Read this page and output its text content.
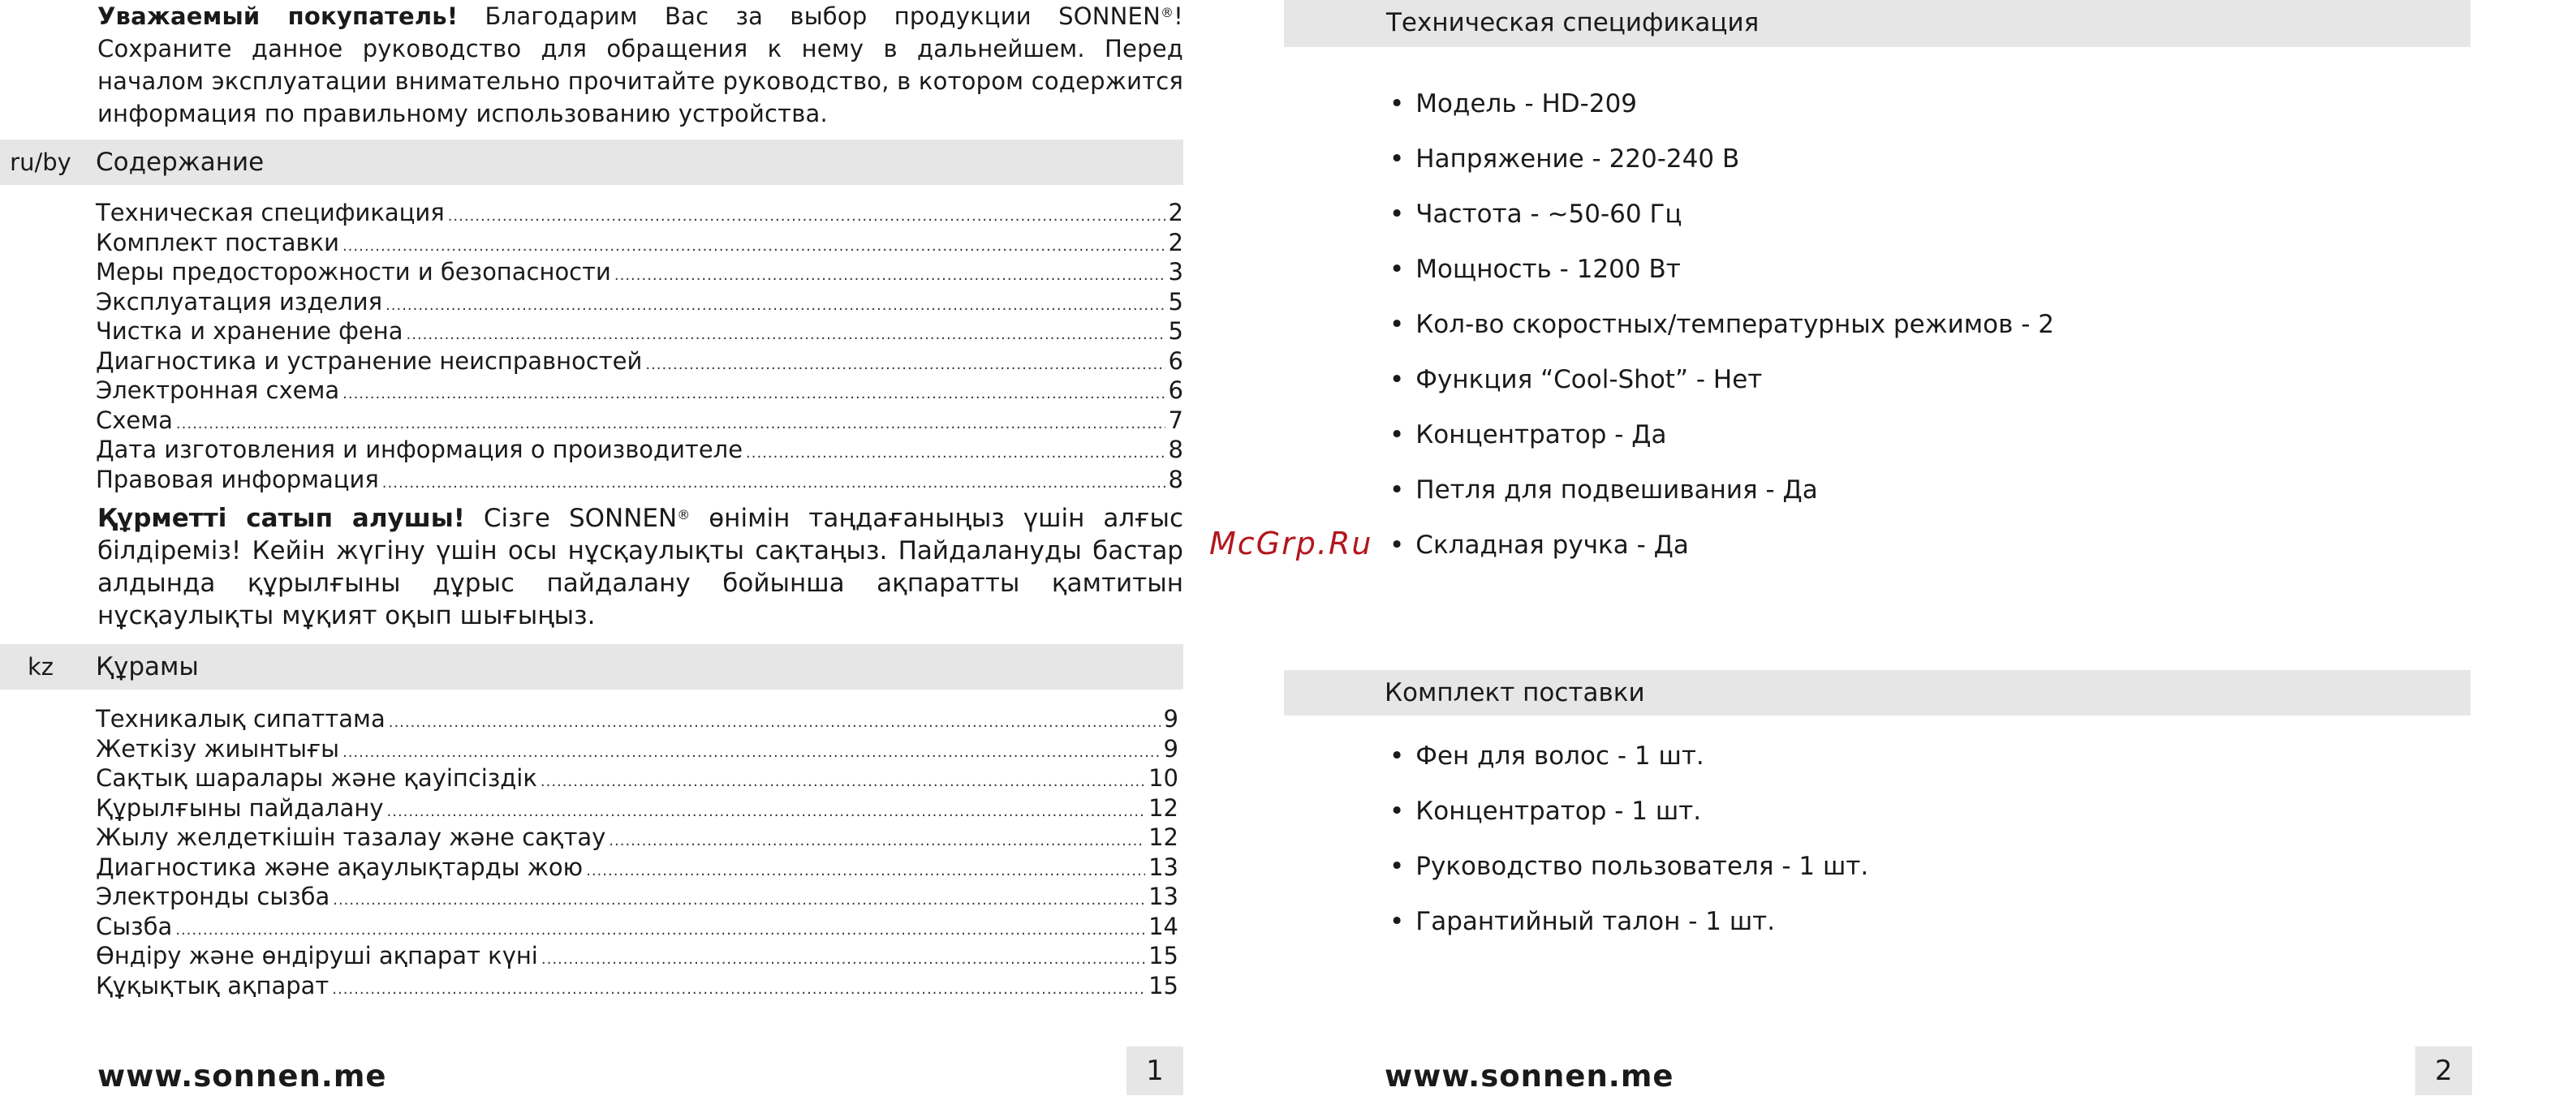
Уважаемый покупатель! Благодарим Вас за выбор продукции SONNEN®! Сохраните данное руководство для обращения к нему в дальнейшем. Перед началом эксплуатации внимательно прочитайте руководство, в котором содержится информация по правильному использованию устройства.

ru/by Содержание
Техническая спецификация .....	2
Комплект поставки .....	2
Меры предосторожности и безопасности .....	3
Эксплуатация изделия .....	5
Чистка и хранение фена .....	5
Диагностика и устранение неисправностей .....	6
Электронная схема .....	6
Схема .....	7
Дата изготовления и информация о производителе .....	8
Правовая информация .....	8

Құрметті сатып алушы! Сізге SONNEN® өнімін таңдағаныңыз үшін алғыс білдіреміз! Кейін жүгіну үшін осы нұсқаулықты сақтаңыз. Пайдалануды бастар алдында құрылғыны дұрыс пайдалану бойынша ақпаратты қамтитын нұсқаулықты мұқият оқып шығыңыз.

kz	Құрамы
Техникалық сипаттама .....	9
Жеткізу жиынтығы .....	9
Сақтық шаралары және қауіпсіздік .....	10
Құрылғыны пайдалану .....	12
Жылу желдеткішін тазалау және сақтау .....	12
Диагностика және ақаулықтарды жою .....	13
Электронды сызба .....	13
Сызба .....	14
Өндіру және өндіруші ақпарат күні .....	15
Құқықтық ақпарат .....	15
www.sonnen.me	1
McGrp.Ru
Техническая спецификация
• Модель - HD-209
• Напряжение - 220-240 В
• Частота - ~50-60 Гц
• Мощность - 1200 Вт
• Кол-во скоростных/температурных режимов - 2
• Функция “Cool-Shot” - Нет
• Концентратор - Да
• Петля для подвешивания - Да
• Складная ручка - Да
Комплект поставки
• Фен для волос - 1 шт.
• Концентратор - 1 шт.
• Руководство пользователя - 1 шт.
• Гарантийный талон - 1 шт.
www.sonnen.me	2
